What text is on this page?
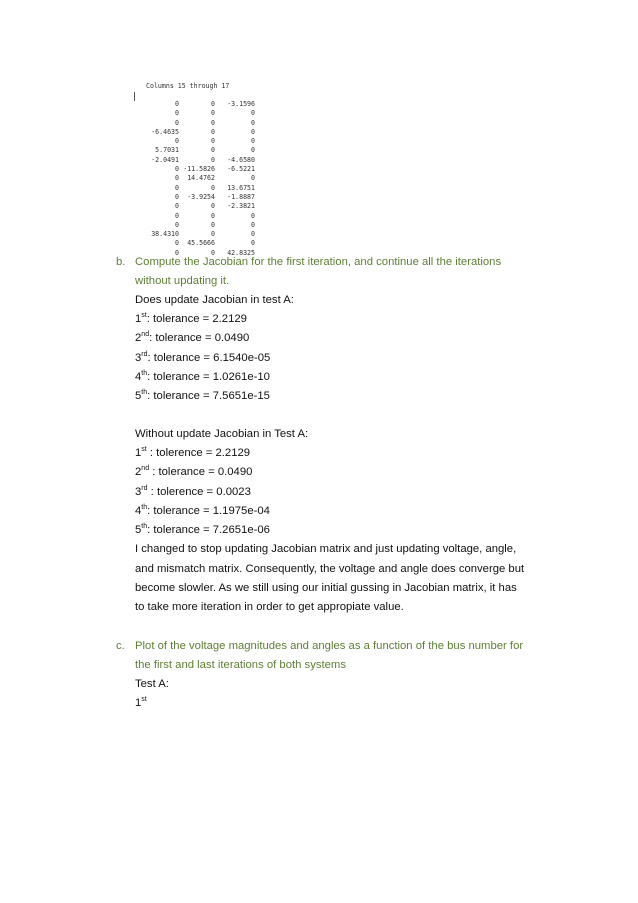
Columns 15 through 17
0	0	-3.1596
0	0	0
0	0	0
-6.4635	0	0
0	0	0
5.7031	0	0
-2.0491	0	-4.6580
0 -11.5826	-6.5221
0	14.4762	0
0	0	13.6751
0	-3.9254	-1.8887
0	0	-2.3821
0	0	0
0	0	0
38.4310	0	0
0	45.5666	0
0	0	42.8325
b. Compute the Jacobian for the first iteration, and continue all the iterations
without updating it.
Does update Jacobian in test A:
1st: tolerance = 2.2129
2nd: tolerance = 0.0490
3rd: tolerance = 6.1540e-05
4th: tolerance = 1.0261e-10
5th: tolerance = 7.5651e-15
Without update Jacobian in Test A:
1st : tolerence = 2.2129
2nd : tolerance = 0.0490
3rd : tolerence = 0.0023
4th: tolerance = 1.1975e-04
5th: tolerance = 7.2651e-06
I changed to stop updating Jacobian matrix and just updating voltage, angle,
and mismatch matrix. Consequently, the voltage and angle does converge but
become slowler. As we still using our initial gussing in Jacobian matrix, it has
to take more iteration in order to get appropiate value.
c. Plot of the voltage magnitudes and angles as a function of the bus number for
the first and last iterations of both systems
Test A:
1st
